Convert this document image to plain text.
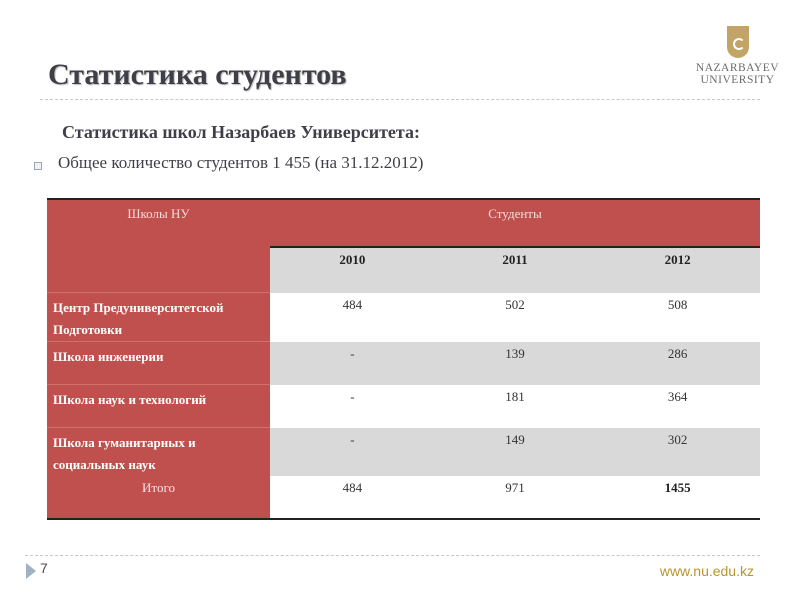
Статистика студентов	NAZARBAYEV
UNIVERSITY
Статистика школ Назарбаев Университета:
Общее количество студентов 1 455 (на 31.12.2012)
Школы НУ	Студенты		
	2010	2011	2012
Центр Предуниверситетской Подготовки	484	502	508
Школа инженерии	-	139	286
Школа наук и технологий	-	181	364
Школа гуманитарных и социальных наук	-	149	302
Итого	484	971	1455
7	www.nu.edu.kz
